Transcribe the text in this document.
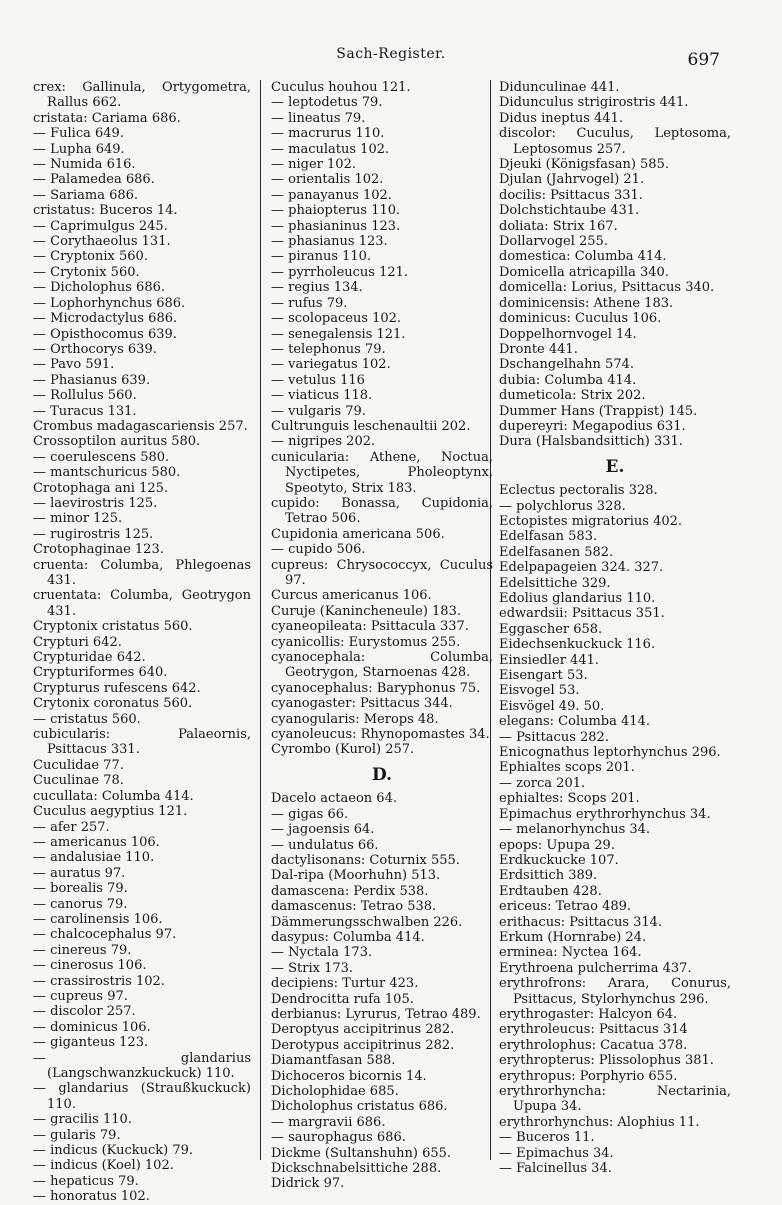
Sach-Register.	697
crex: Gallinula, Ortygometra, Rallus 662.
cristata: Cariama 686.
— Fulica 649.
— Lupha 649.
— Numida 616.
— Palamedea 686.
— Sariama 686.
cristatus: Buceros 14.
— Caprimulgus 245.
— Corythaeolus 131.
— Cryptonix 560.
— Crytonix 560.
— Dicholophus 686.
— Lophorhynchus 686.
— Microdactylus 686.
— Opisthocomus 639.
— Orthocorys 639.
— Pavo 591.
— Phasianus 639.
— Rollulus 560.
— Turacus 131.
Crombus madagascariensis 257.
Crossoptilon auritus 580.
— coerulescens 580.
— mantschuricus 580.
Crotophaga ani 125.
— laevirostris 125.
— minor 125.
— rugirostris 125.
Crotophaginae 123.
cruenta: Columba, Phlegoenas 431.
cruentata: Columba, Geotrygon 431.
Cryptonix cristatus 560.
Crypturi 642.
Crypturidae 642.
Crypturiformes 640.
Crypturus rufescens 642.
Crytonix coronatus 560.
— cristatus 560.
cubicularis: Palaeornis, Psittacus 331.
Cuculidae 77.
Cuculinae 78.
cucullata: Columba 414.
Cuculus aegyptius 121.
— afer 257.
— americanus 106.
— andalusiae 110.
— auratus 97.
— borealis 79.
— canorus 79.
— carolinensis 106.
— chalcocephalus 97.
— cinereus 79.
— cinerosus 106.
— crassirostris 102.
— cupreus 97.
— discolor 257.
— dominicus 106.
— giganteus 123.
— glandarius (Langschwanzkuckuck) 110.
— glandarius (Straußkuckuck) 110.
— gracilis 110.
— gularis 79.
— indicus (Kuckuck) 79.
— indicus (Koel) 102.
— hepaticus 79.
— honoratus 102.
Cuculus houhou 121.
— leptodetus 79.
— lineatus 79.
— macrurus 110.
— maculatus 102.
— niger 102.
— orientalis 102.
— panayanus 102.
— phaiopterus 110.
— phasianinus 123.
— phasianus 123.
— piranus 110.
— pyrrholeucus 121.
— regius 134.
— rufus 79.
— scolopaceus 102.
— senegalensis 121.
— telephonus 79.
— variegatus 102.
— vetulus 116
— viaticus 118.
— vulgaris 79.
Cultrunguis leschenaultii 202.
— nigripes 202.
cunicularia: Athene, Noctua, Nyctipetes, Pholeoptynx, Speotyto, Strix 183.
cupido: Bonassa, Cupidonia, Tetrao 506.
Cupidonia americana 506.
— cupido 506.
cupreus: Chrysococcyx, Cuculus 97.
Curcus americanus 106.
Curuje (Kanincheneule) 183.
cyaneopileata: Psittacula 337.
cyanicollis: Eurystomus 255.
cyanocephala: Columba, Geotrygon, Starnoenas 428.
cyanocephalus: Baryphonus 75.
cyanogaster: Psittacus 344.
cyanogularis: Merops 48.
cyanoleucus: Rhynopomastes 34.
Cyrombo (Kurol) 257.
D.
Dacelo actaeon 64.
— gigas 66.
— jagoensis 64.
— undulatus 66.
dactylisonans: Coturnix 555.
Dal-ripa (Moorhuhn) 513.
damascena: Perdix 538.
damascenus: Tetrao 538.
Dämmerungsschwalben 226.
dasypus: Columba 414.
— Nyctala 173.
— Strix 173.
decipiens: Turtur 423.
Dendrocitta rufa 105.
derbianus: Lyrurus, Tetrao 489.
Deroptyus accipitrinus 282.
Derotypus accipitrinus 282.
Diamantfasan 588.
Dichoceros bicornis 14.
Dicholophidae 685.
Dicholophus cristatus 686.
— margravii 686.
— saurophagus 686.
Dickme (Sultanshuhn) 655.
Dickschnabelsittiche 288.
Didrick 97.
Didunculinae 441.
Didunculus strigirostris 441.
Didus ineptus 441.
discolor: Cuculus, Leptosoma, Leptosomus 257.
Djeuki (Königsfasan) 585.
Djulan (Jahrvogel) 21.
docilis: Psittacus 331.
Dolchstichtaube 431.
doliata: Strix 167.
Dollarvogel 255.
domestica: Columba 414.
Domicella atricapilla 340.
domicella: Lorius, Psittacus 340.
dominicensis: Athene 183.
dominicus: Cuculus 106.
Doppelhornvogel 14.
Dronte 441.
Dschangelhahn 574.
dubia: Columba 414.
dumeticola: Strix 202.
Dummer Hans (Trappist) 145.
dupereyri: Megapodius 631.
Dura (Halsbandsittich) 331.
E.
Eclectus pectoralis 328.
— polychlorus 328.
Ectopistes migratorius 402.
Edelfasan 583.
Edelfasanen 582.
Edelpapageien 324. 327.
Edelsittiche 329.
Edolius glandarius 110.
edwardsii: Psittacus 351.
Eggascher 658.
Eidechsenkuckuck 116.
Einsiedler 441.
Eisengart 53.
Eisvogel 53.
Eisvögel 49. 50.
elegans: Columba 414.
— Psittacus 282.
Enicognathus leptorhynchus 296.
Ephialtes scops 201.
— zorca 201.
ephialtes: Scops 201.
Epimachus erythrorhynchus 34.
— melanorhynchus 34.
epops: Upupa 29.
Erdkuckucke 107.
Erdsittich 389.
Erdtauben 428.
ericeus: Tetrao 489.
erithacus: Psittacus 314.
Erkum (Hornrabe) 24.
erminea: Nyctea 164.
Erythroena pulcherrima 437.
erythrofrons: Arara, Conurus, Psittacus, Stylorhynchus 296.
erythrogaster: Halcyon 64.
erythroleucus: Psittacus 314
erythrolophus: Cacatua 378.
erythropterus: Plissolophus 381.
erythropus: Porphyrio 655.
erythrorhyncha: Nectarinia, Upupa 34.
erythrorhynchus: Alophius 11.
— Buceros 11.
— Epimachus 34.
— Falcinellus 34.
